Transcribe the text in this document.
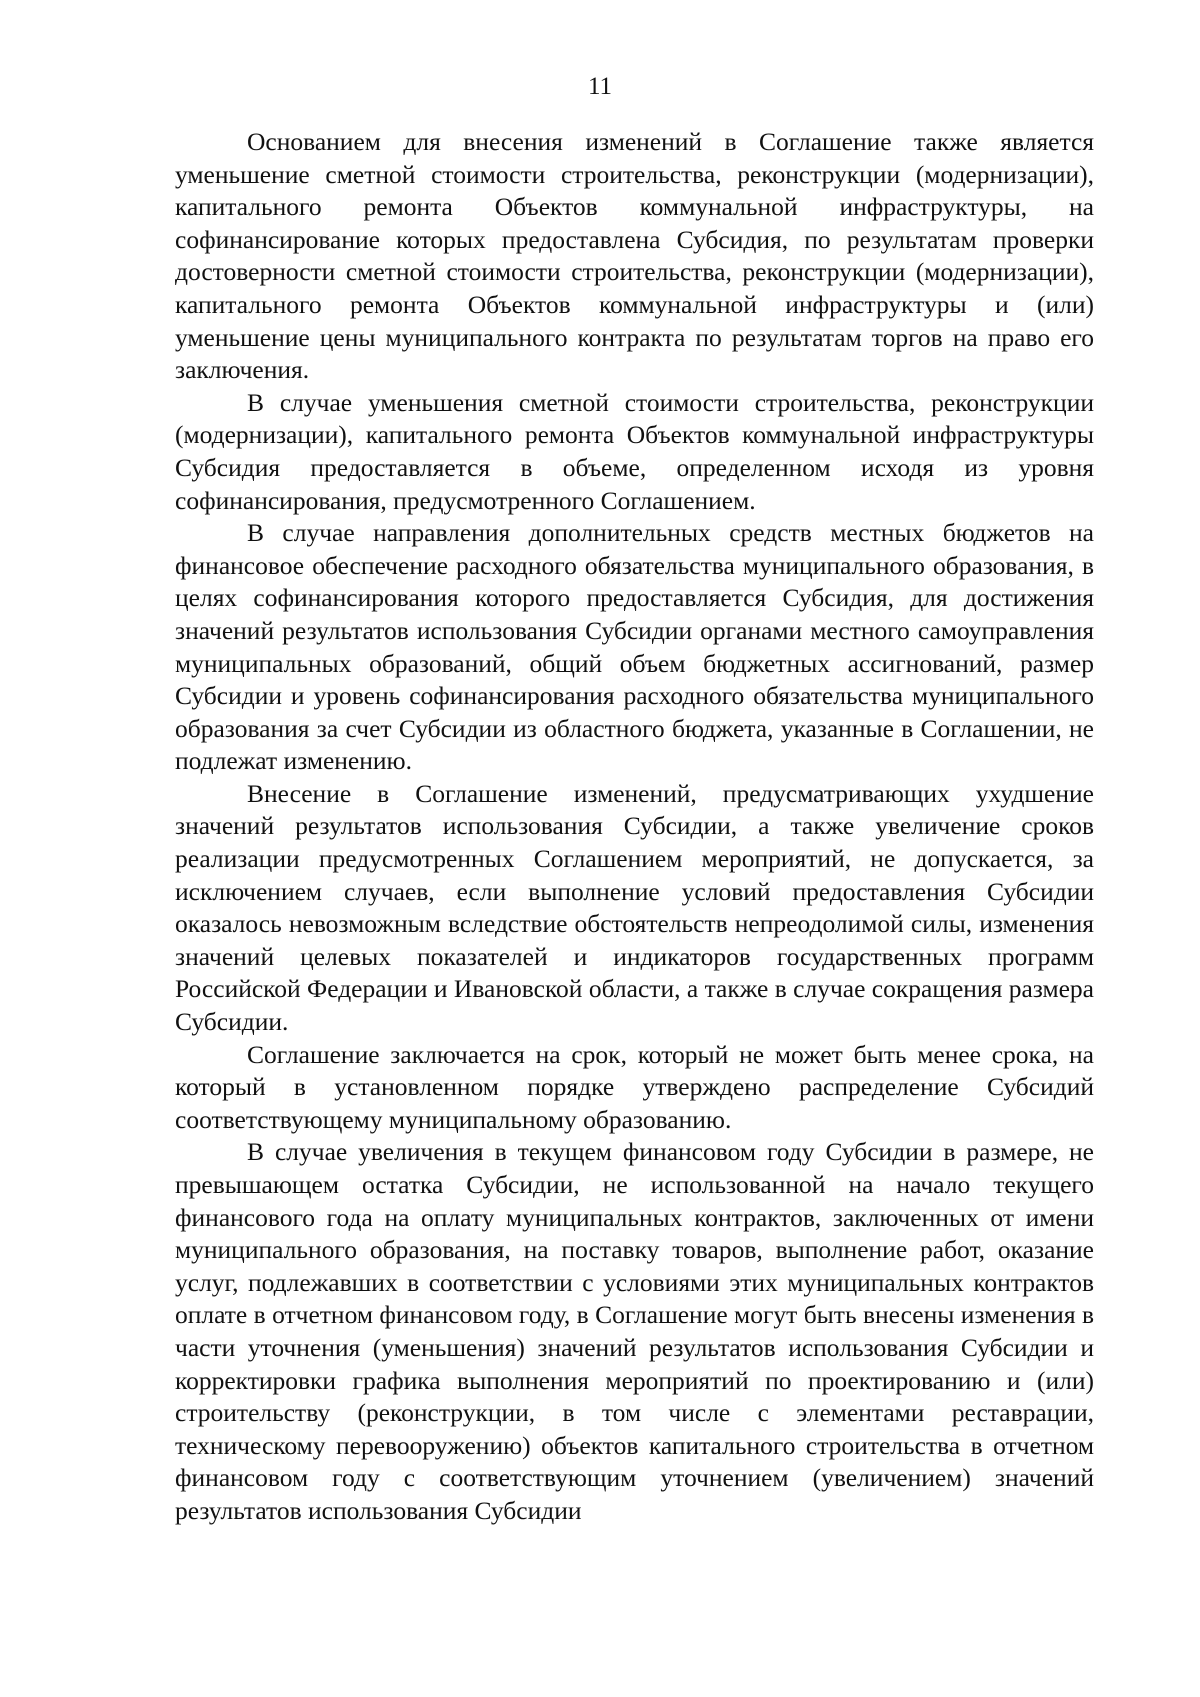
11

Основанием для внесения изменений в Соглашение также является уменьшение сметной стоимости строительства, реконструкции (модернизации), капитального ремонта Объектов коммунальной инфраструктуры, на софинансирование которых предоставлена Субсидия, по результатам проверки достоверности сметной стоимости строительства, реконструкции (модернизации), капитального ремонта Объектов коммунальной инфраструктуры и (или) уменьшение цены муниципального контракта по результатам торгов на право его заключения.

В случае уменьшения сметной стоимости строительства, реконструкции (модернизации), капитального ремонта Объектов коммунальной инфраструктуры Субсидия предоставляется в объеме, определенном исходя из уровня софинансирования, предусмотренного Соглашением.

В случае направления дополнительных средств местных бюджетов на финансовое обеспечение расходного обязательства муниципального образования, в целях софинансирования которого предоставляется Субсидия, для достижения значений результатов использования Субсидии органами местного самоуправления муниципальных образований, общий объем бюджетных ассигнований, размер Субсидии и уровень софинансирования расходного обязательства муниципального образования за счет Субсидии из областного бюджета, указанные в Соглашении, не подлежат изменению.

Внесение в Соглашение изменений, предусматривающих ухудшение значений результатов использования Субсидии, а также увеличение сроков реализации предусмотренных Соглашением мероприятий, не допускается, за исключением случаев, если выполнение условий предоставления Субсидии оказалось невозможным вследствие обстоятельств непреодолимой силы, изменения значений целевых показателей и индикаторов государственных программ Российской Федерации и Ивановской области, а также в случае сокращения размера Субсидии.

Соглашение заключается на срок, который не может быть менее срока, на который в установленном порядке утверждено распределение Субсидий соответствующему муниципальному образованию.

В случае увеличения в текущем финансовом году Субсидии в размере, не превышающем остатка Субсидии, не использованной на начало текущего финансового года на оплату муниципальных контрактов, заключенных от имени муниципального образования, на поставку товаров, выполнение работ, оказание услуг, подлежавших в соответствии с условиями этих муниципальных контрактов оплате в отчетном финансовом году, в Соглашение могут быть внесены изменения в части уточнения (уменьшения) значений результатов использования Субсидии и корректировки графика выполнения мероприятий по проектированию и (или) строительству (реконструкции, в том числе с элементами реставрации, техническому перевооружению) объектов капитального строительства в отчетном финансовом году с соответствующим уточнением (увеличением) значений результатов использования Субсидии
